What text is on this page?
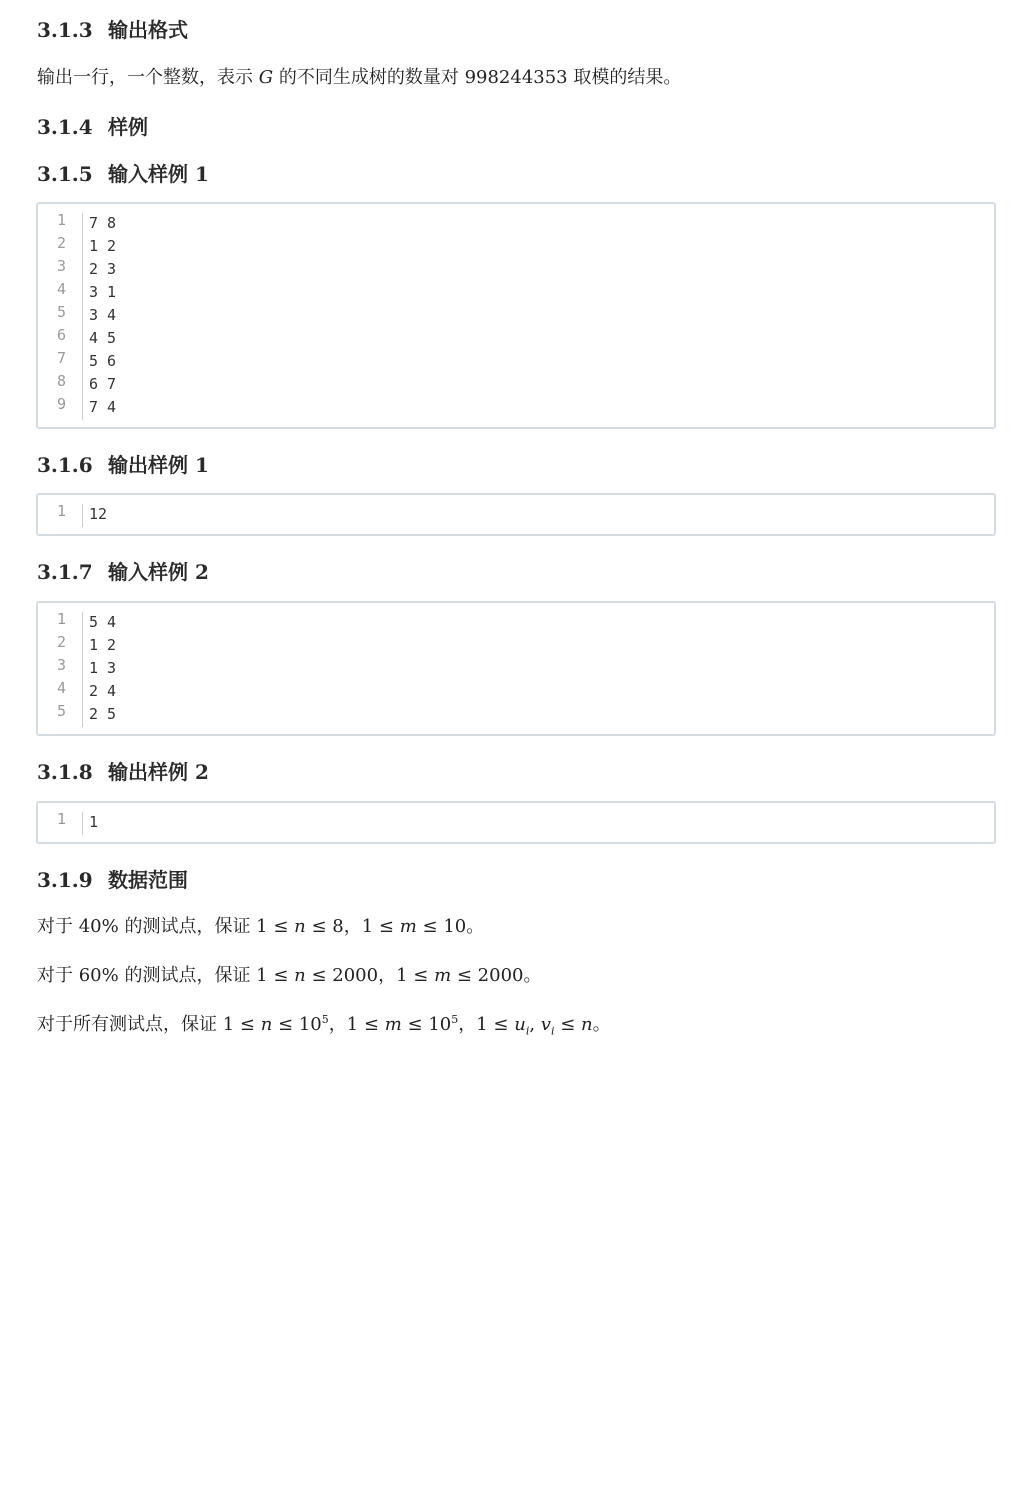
3.1.3 输出格式
输出一行，一个整数，表示 G 的不同生成树的数量对 998244353 取模的结果。
3.1.4 样例
3.1.5 输入样例 1
1 7 8
2 1 2
3 2 3
4 3 1
5 3 4
6 4 5
7 5 6
8 6 7
9 7 4
3.1.6 输出样例 1
1 12
3.1.7 输入样例 2
1 5 4
2 1 2
3 1 3
4 2 4
5 2 5
3.1.8 输出样例 2
1 1
3.1.9 数据范围
对于 40% 的测试点，保证 1 ≤ n ≤ 8，1 ≤ m ≤ 10。
对于 60% 的测试点，保证 1 ≤ n ≤ 2000，1 ≤ m ≤ 2000。
对于所有测试点，保证 $1 \le n \le 10^5$，$1 \le m \le 10^5$，$1 \le u_i$, $v_i \le n$。
